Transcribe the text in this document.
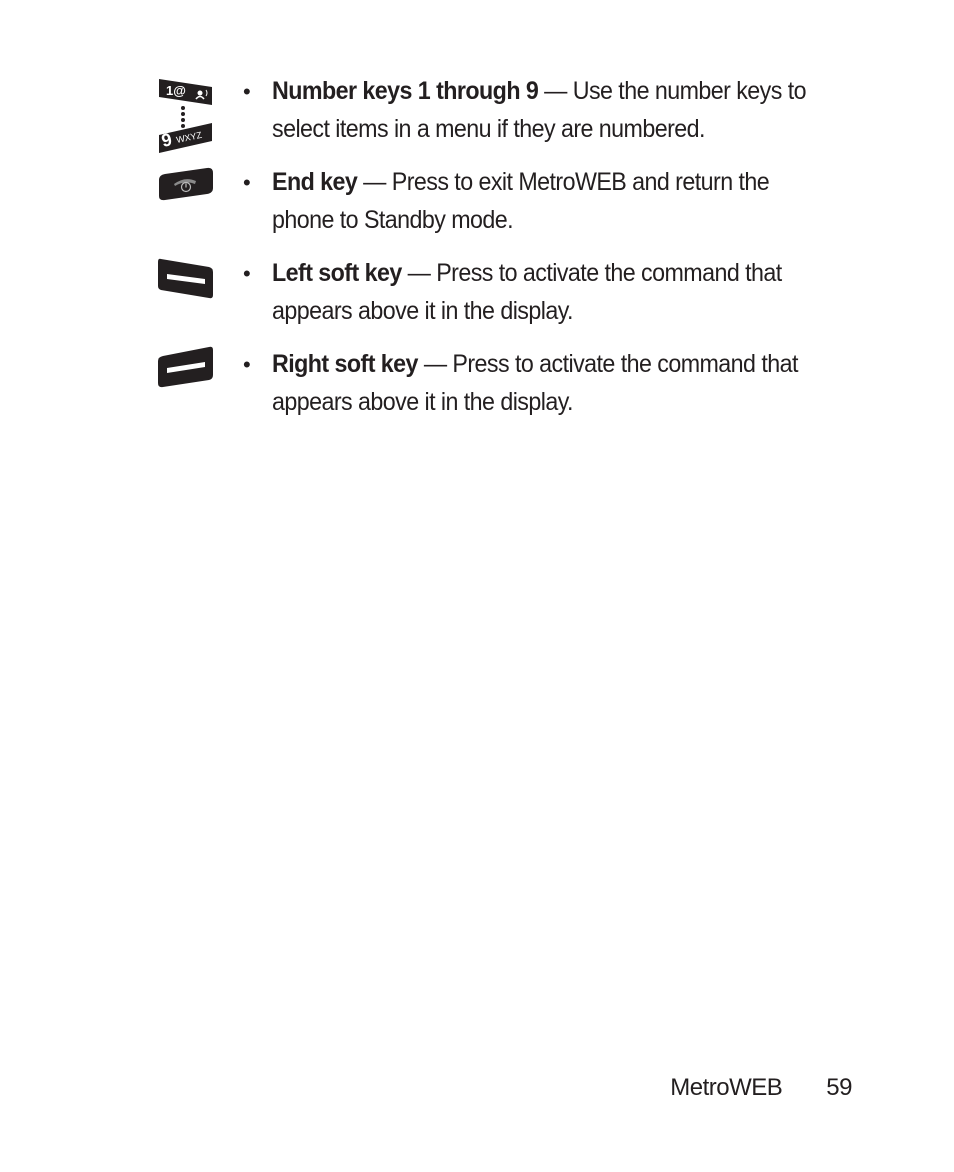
1@
9 WXYZ
• Number keys 1 through 9 — Use the number keys to select items in a menu if they are numbered.
• End key — Press to exit MetroWEB and return the phone to Standby mode.
• Left soft key — Press to activate the command that appears above it in the display.
• Right soft key — Press to activate the command that appears above it in the display.
MetroWEB 59
